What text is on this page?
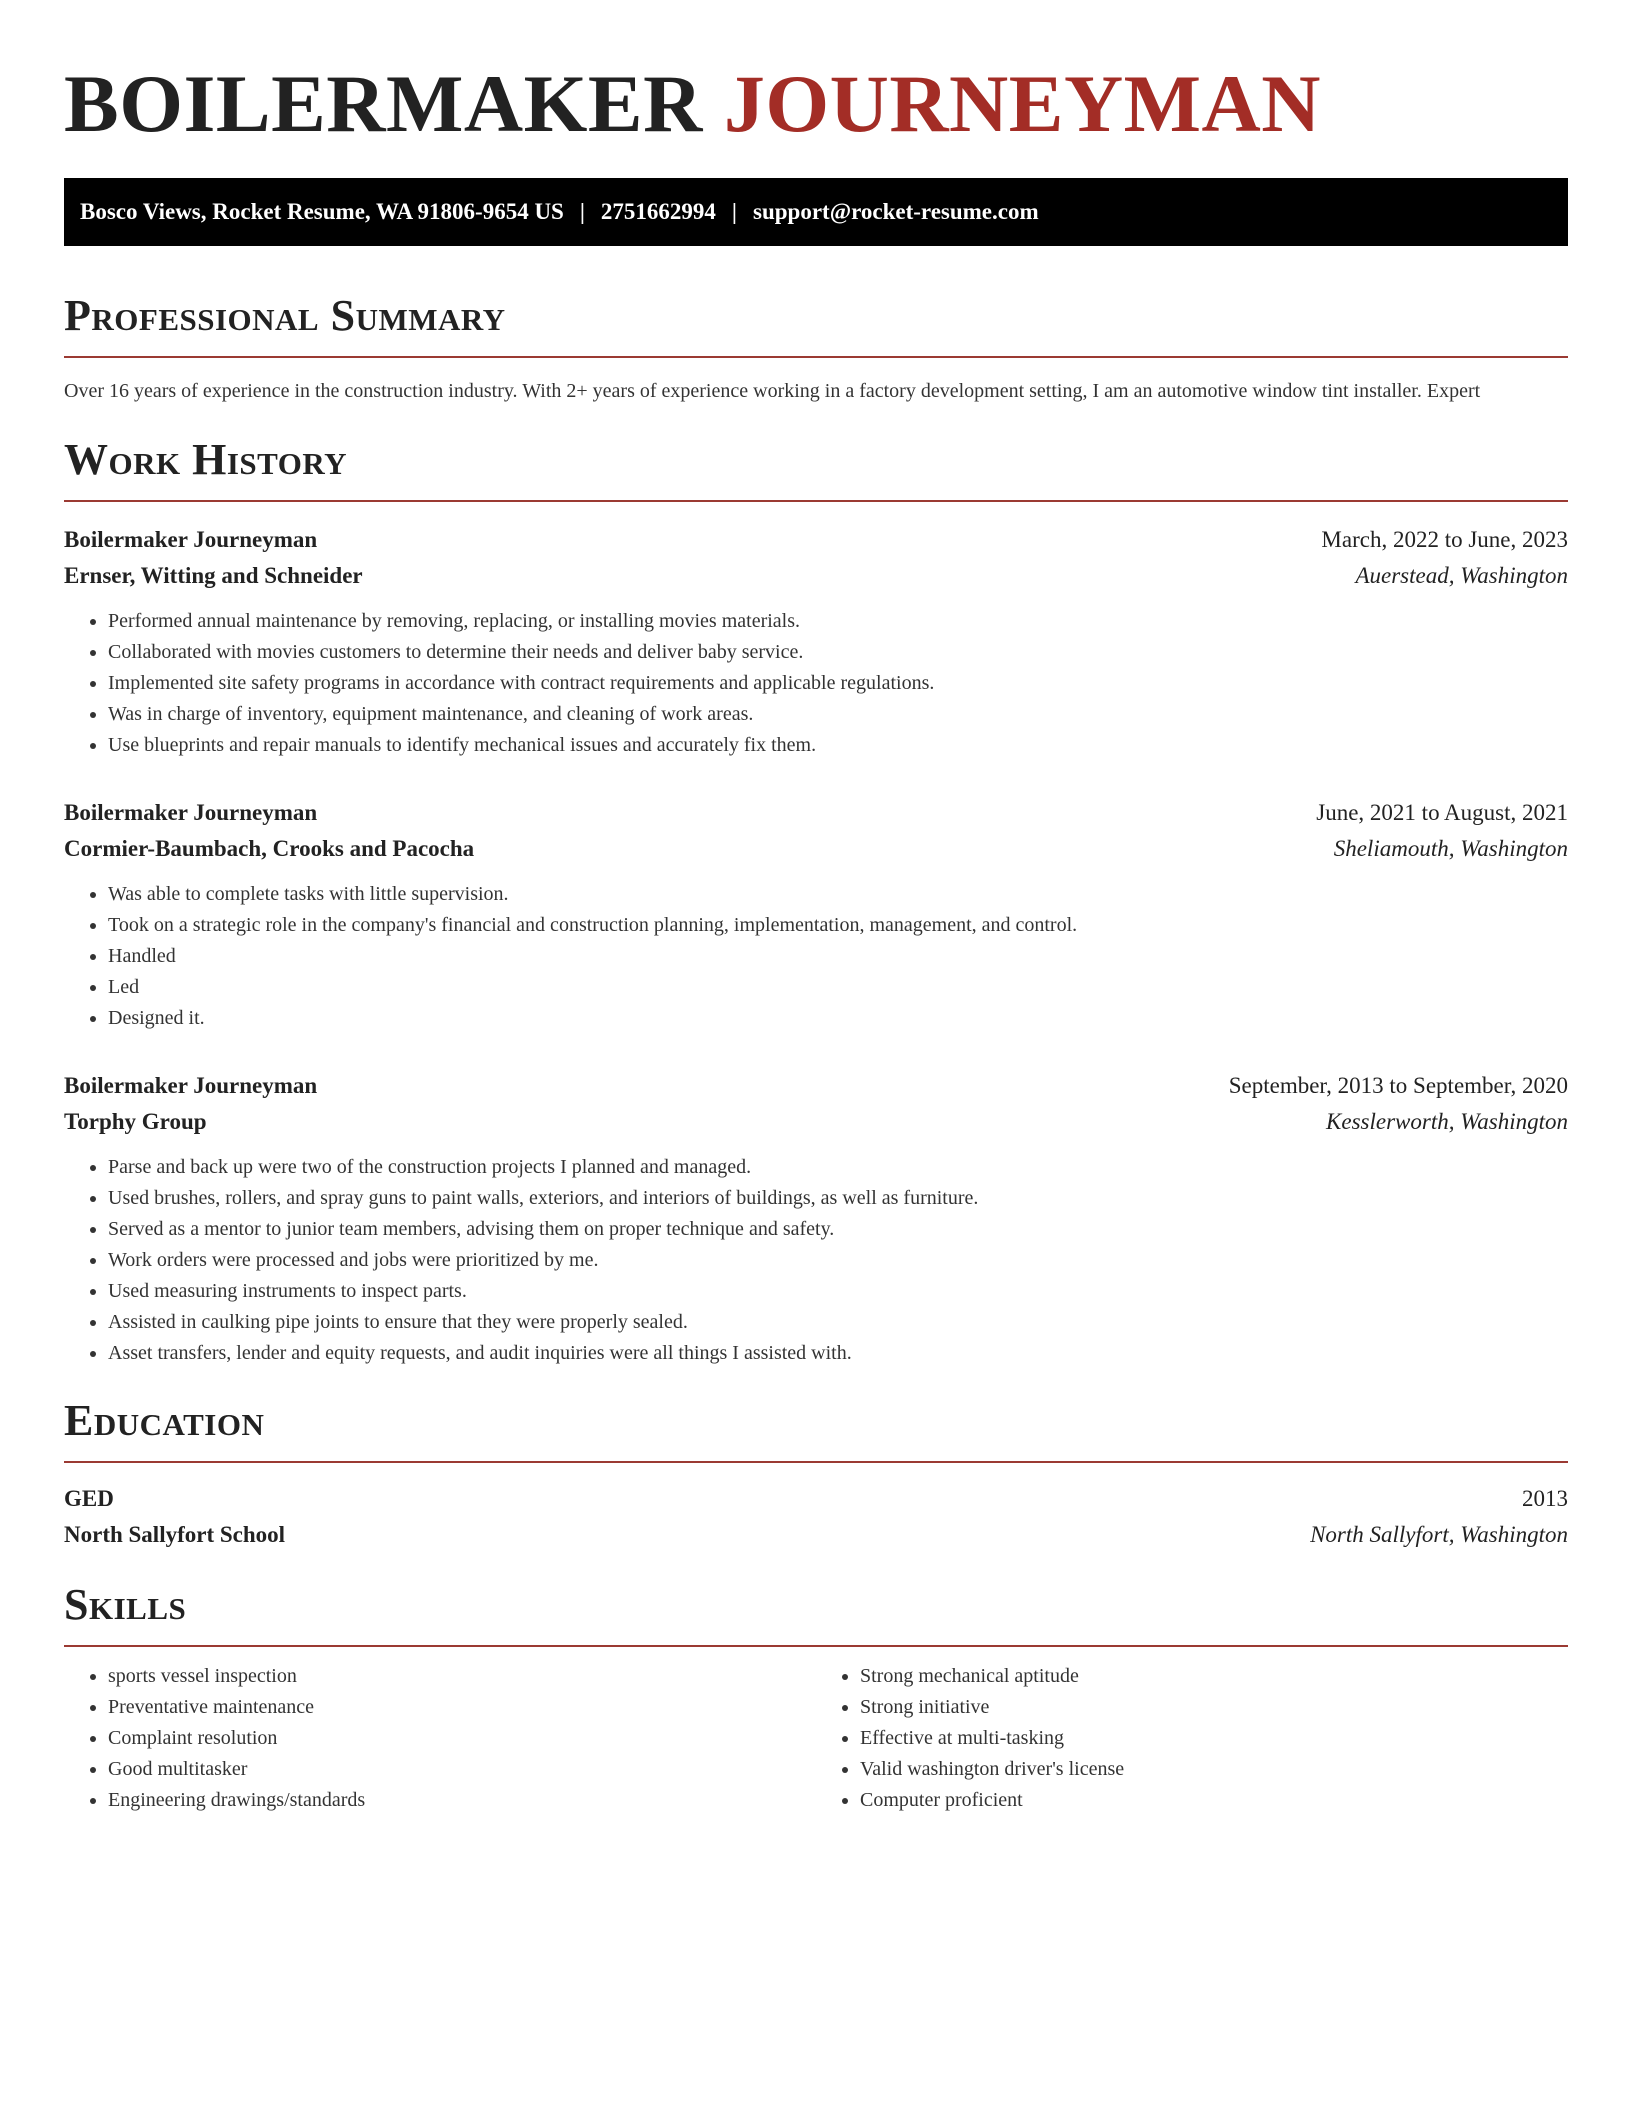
BOILERMAKER JOURNEYMAN
Bosco Views, Rocket Resume, WA 91806-9654 US | 2751662994 | support@rocket-resume.com
Professional Summary

Over 16 years of experience in the construction industry. With 2+ years of experience working in a factory development setting, I am an automotive window tint installer. Expert

Work History
Boilermaker Journeyman	March, 2022 to June, 2023
Ernser, Witting and Schneider	Auerstead, Washington
• Performed annual maintenance by removing, replacing, or installing movies materials.
• Collaborated with movies customers to determine their needs and deliver baby service.
• Implemented site safety programs in accordance with contract requirements and applicable regulations.
• Was in charge of inventory, equipment maintenance, and cleaning of work areas.
• Use blueprints and repair manuals to identify mechanical issues and accurately fix them.
Boilermaker Journeyman	June, 2021 to August, 2021
Cormier-Baumbach, Crooks and Pacocha	Sheliamouth, Washington
• Was able to complete tasks with little supervision.
• Took on a strategic role in the company's financial and construction planning, implementation, management, and control.
• Handled
• Led
• Designed it.
Boilermaker Journeyman	September, 2013 to September, 2020
Torphy Group	Kesslerworth, Washington
• Parse and back up were two of the construction projects I planned and managed.
• Used brushes, rollers, and spray guns to paint walls, exteriors, and interiors of buildings, as well as furniture.
• Served as a mentor to junior team members, advising them on proper technique and safety.
• Work orders were processed and jobs were prioritized by me.
• Used measuring instruments to inspect parts.
• Assisted in caulking pipe joints to ensure that they were properly sealed.
• Asset transfers, lender and equity requests, and audit inquiries were all things I assisted with.
Education
GED	2013
North Sallyfort School	North Sallyfort, Washington
Skills
• sports vessel inspection
• Preventative maintenance
• Complaint resolution
• Good multitasker
• Engineering drawings/standards
• Strong mechanical aptitude
• Strong initiative
• Effective at multi-tasking
• Valid washington driver's license
• Computer proficient
